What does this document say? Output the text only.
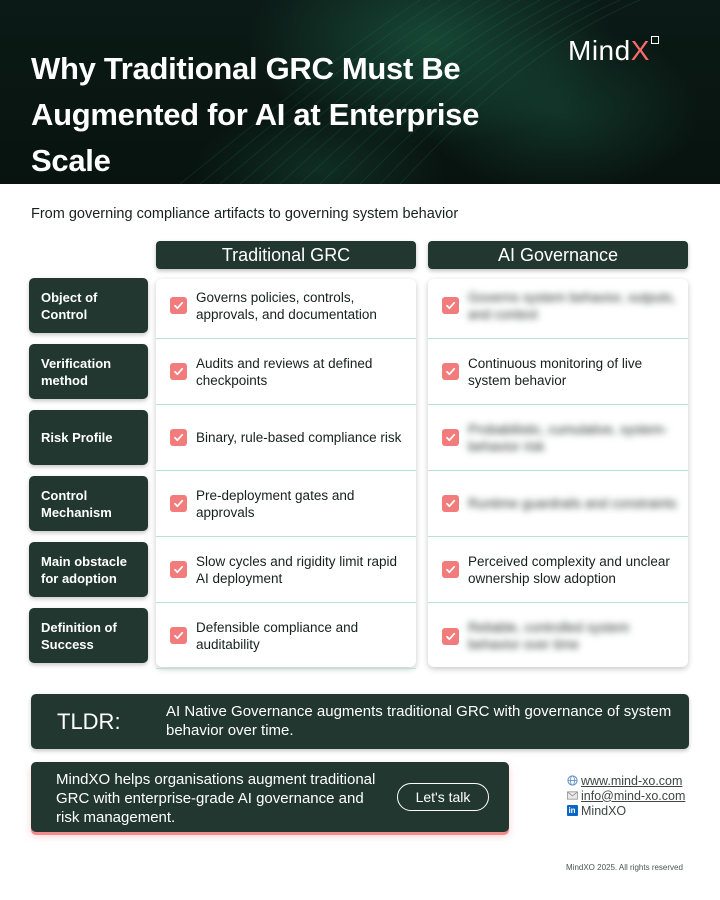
Why Traditional GRC Must Be Augmented for AI at Enterprise Scale
Mind X
From governing compliance artifacts to governing system behavior
Traditional GRC	AI Governance
Object of Control
Verification method
Risk Profile
Control Mechanism
Main obstacle for adoption
Definition of Success
Governs policies, controls, approvals, and documentation
Audits and reviews at defined checkpoints
Binary, rule-based compliance risk
Pre-deployment gates and approvals
Slow cycles and rigidity limit rapid AI deployment
Defensible compliance and auditability
Governs system behavior, outputs, and context
Continuous monitoring of live system behavior
Probabilistic, cumulative, system-behavior risk
Runtime guardrails and constraints
Perceived complexity and unclear ownership slow adoption
Reliable, controlled system behavior over time
TLDR:	AI Native Governance augments traditional GRC with governance of system behavior over time.
MindXO helps organisations augment traditional GRC with enterprise-grade AI governance and risk management.
Let's talk
www.mind-xo.com
info@mind-xo.com
in MindXO
MindXO 2025. All rights reserved
